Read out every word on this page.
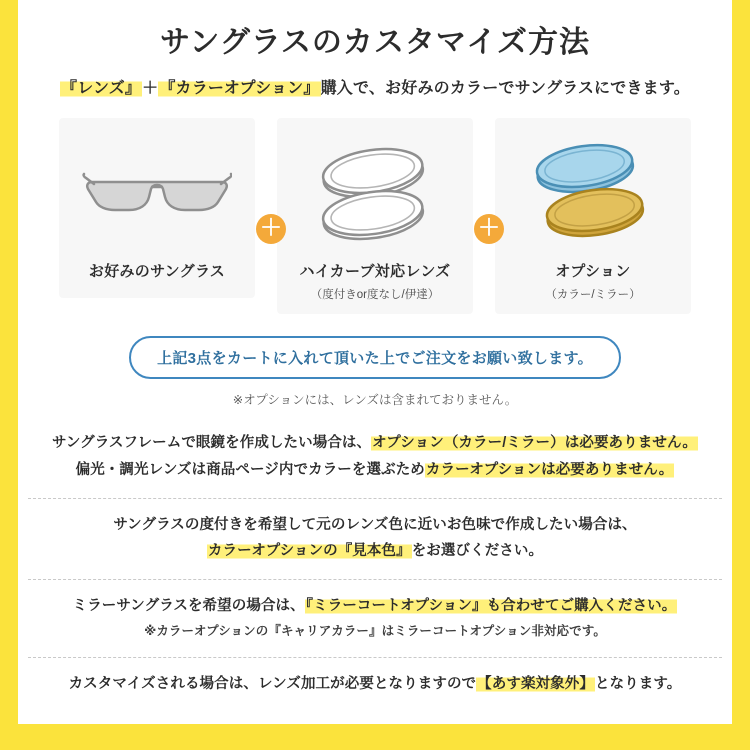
サングラスのカスタマイズ方法
『レンズ』＋『カラーオプション』購入で、お好みのカラーでサングラスにできます。
お好みのサングラス	ハイカーブ対応レンズ
（度付きor度なし/伊達）
オプション
（カラー/ミラー）
＋	＋
上記3点をカートに入れて頂いた上でご注文をお願い致します。
※オプションには、レンズは含まれておりません。
サングラスフレームで眼鏡を作成したい場合は、オプション（カラー/ミラー）は必要ありません。
偏光・調光レンズは商品ページ内でカラーを選ぶためカラーオプションは必要ありません。
サングラスの度付きを希望して元のレンズ色に近いお色味で作成したい場合は、
カラーオプションの『見本色』をお選びください。
ミラーサングラスを希望の場合は、『ミラーコートオプション』も合わせてご購入ください。
※カラーオプションの『キャリアカラー』はミラーコートオプション非対応です。
カスタマイズされる場合は、レンズ加工が必要となりますので【あす楽対象外】となります。
